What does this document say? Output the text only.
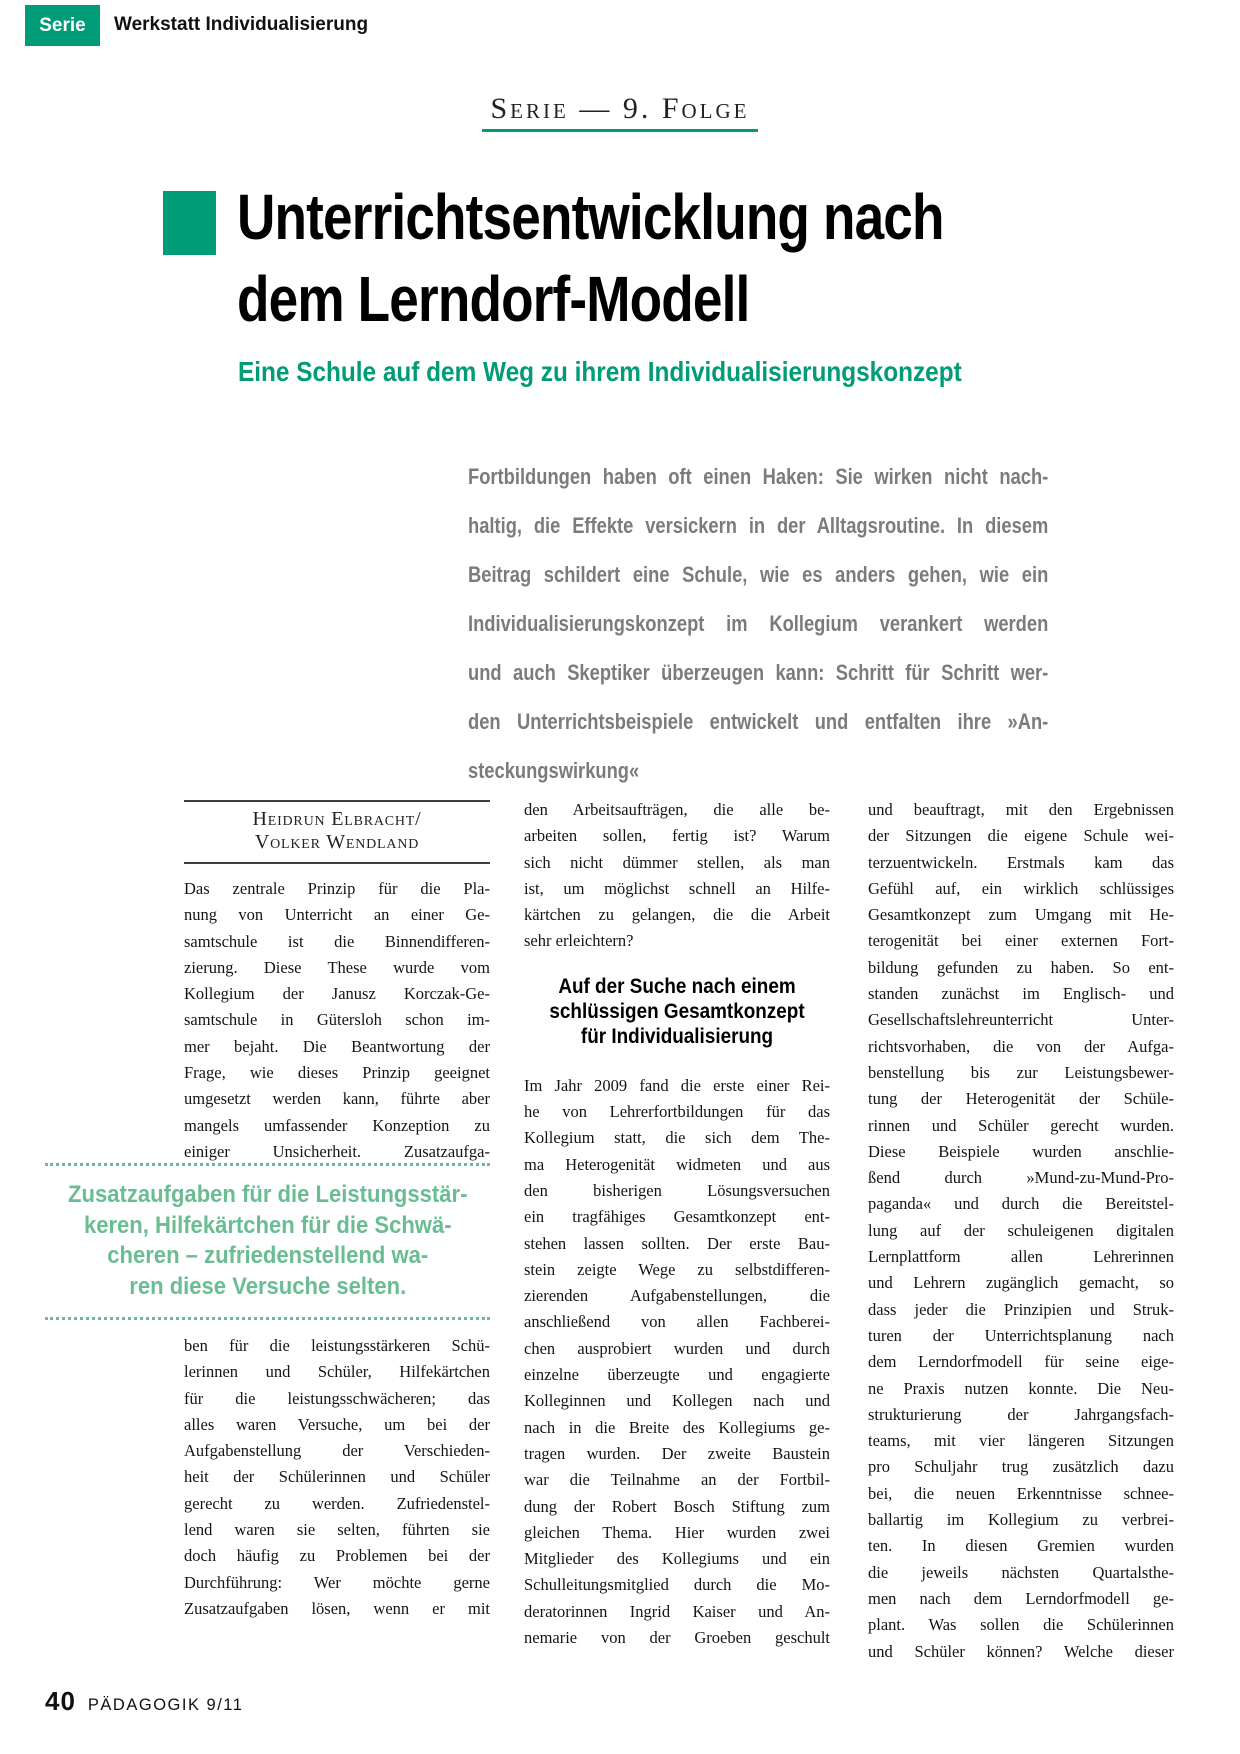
Serie Werkstatt Individualisierung
Serie — 9. Folge
Unterrichtsentwicklung nach
dem Lerndorf-Modell
Eine Schule auf dem Weg zu ihrem Individualisierungskonzept
Fortbildungen haben oft einen Haken: Sie wirken nicht nach-
haltig, die Effekte versickern in der Alltagsroutine. In diesem
Beitrag schildert eine Schule, wie es anders gehen, wie ein
Individualisierungskonzept im Kollegium verankert werden
und auch Skeptiker überzeugen kann: Schritt für Schritt wer-
den Unterrichtsbeispiele entwickelt und entfalten ihre »An-
steckungswirkung«
Heidrun Elbracht/
Volker Wendland
Das zentrale Prinzip für die Pla-
nung von Unterricht an einer Ge-
samtschule ist die Binnendifferen-
zierung. Diese These wurde vom
Kollegium der Janusz Korczak-Ge-
samtschule in Gütersloh schon im-
mer bejaht. Die Beantwortung der
Frage, wie dieses Prinzip geeignet
umgesetzt werden kann, führte aber
mangels umfassender Konzeption zu
einiger Unsicherheit. Zusatzaufga-
Zusatzaufgaben für die Leistungsstär-
keren, Hilfekärtchen für die Schwä-
cheren – zufriedenstellend wa-
ren diese Versuche selten.
ben für die leistungsstärkeren Schü-
lerinnen und Schüler, Hilfekärtchen
für die leistungsschwächeren; das
alles waren Versuche, um bei der
Aufgabenstellung der Verschieden-
heit der Schülerinnen und Schüler
gerecht zu werden. Zufriedenstel-
lend waren sie selten, führten sie
doch häufig zu Problemen bei der
Durchführung: Wer möchte gerne
Zusatzaufgaben lösen, wenn er mit
den Arbeitsaufträgen, die alle be-
arbeiten sollen, fertig ist? Warum
sich nicht dümmer stellen, als man
ist, um möglichst schnell an Hilfe-
kärtchen zu gelangen, die die Arbeit
sehr erleichtern?
Auf der Suche nach einem
schlüssigen Gesamtkonzept
für Individualisierung
Im Jahr 2009 fand die erste einer Rei-
he von Lehrerfortbildungen für das
Kollegium statt, die sich dem The-
ma Heterogenität widmeten und aus
den bisherigen Lösungsversuchen
ein tragfähiges Gesamtkonzept ent-
stehen lassen sollten. Der erste Bau-
stein zeigte Wege zu selbstdifferen-
zierenden Aufgabenstellungen, die
anschließend von allen Fachberei-
chen ausprobiert wurden und durch
einzelne überzeugte und engagierte
Kolleginnen und Kollegen nach und
nach in die Breite des Kollegiums ge-
tragen wurden. Der zweite Baustein
war die Teilnahme an der Fortbil-
dung der Robert Bosch Stiftung zum
gleichen Thema. Hier wurden zwei
Mitglieder des Kollegiums und ein
Schulleitungsmitglied durch die Mo-
deratorinnen Ingrid Kaiser und An-
nemarie von der Groeben geschult
und beauftragt, mit den Ergebnissen
der Sitzungen die eigene Schule wei-
terzuentwickeln. Erstmals kam das
Gefühl auf, ein wirklich schlüssiges
Gesamtkonzept zum Umgang mit He-
terogenität bei einer externen Fort-
bildung gefunden zu haben. So ent-
standen zunächst im Englisch- und
Gesellschaftslehreunterricht Unter-
richtsvorhaben, die von der Aufga-
benstellung bis zur Leistungsbewer-
tung der Heterogenität der Schüle-
rinnen und Schüler gerecht wurden.
Diese Beispiele wurden anschlie-
ßend durch »Mund-zu-Mund-Pro-
paganda« und durch die Bereitstel-
lung auf der schuleigenen digitalen
Lernplattform allen Lehrerinnen
und Lehrern zugänglich gemacht, so
dass jeder die Prinzipien und Struk-
turen der Unterrichtsplanung nach
dem Lerndorfmodell für seine eige-
ne Praxis nutzen konnte. Die Neu-
strukturierung der Jahrgangsfach-
teams, mit vier längeren Sitzungen
pro Schuljahr trug zusätzlich dazu
bei, die neuen Erkenntnisse schnee-
ballartig im Kollegium zu verbrei-
ten. In diesen Gremien wurden
die jeweils nächsten Quartalsthe-
men nach dem Lerndorfmodell ge-
plant. Was sollen die Schülerinnen
und Schüler können? Welche dieser
40 PÄDAGOGIK 9/11
